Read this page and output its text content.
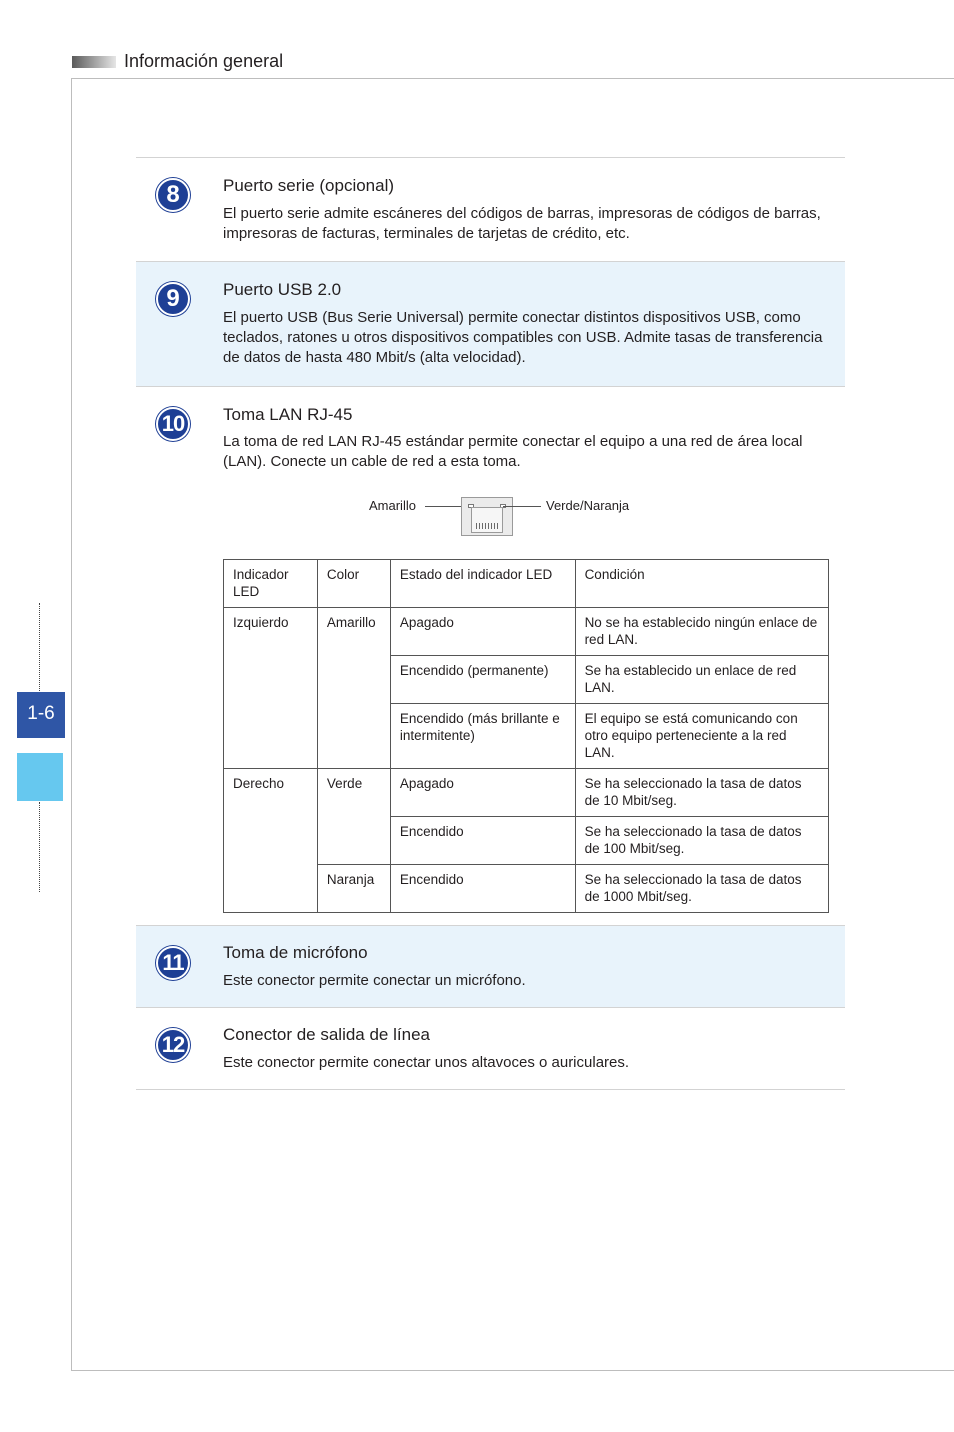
Información general
1-6
8	Puerto serie (opcional)
El puerto serie admite escáneres del códigos de barras, impresoras de códigos de barras, impresoras de facturas, terminales de tarjetas de crédito, etc.
9	Puerto USB 2.0
El puerto USB (Bus Serie Universal) permite conectar distintos dispositivos USB, como teclados, ratones u otros dispositivos compatibles con USB. Admite tasas de transferencia de datos de hasta 480 Mbit/s (alta velocidad).
10	Toma LAN RJ-45
La toma de red LAN RJ-45 estándar permite conectar el equipo a una red de área local (LAN). Conecte un cable de red a esta toma.
Amarillo	Verde/Naranja
Indicador LED	Color	Estado del indicador LED	Condición
Izquierdo	Amarillo	Apagado	No se ha establecido ningún enlace de red LAN.
		Encendido (permanente)	Se ha establecido un enlace de red LAN.
		Encendido (más brillante e intermitente)	El equipo se está comunicando con otro equipo perteneciente a la red LAN.
Derecho	Verde	Apagado	Se ha seleccionado la tasa de datos de 10 Mbit/seg.
		Encendido	Se ha seleccionado la tasa de datos de 100 Mbit/seg.
	Naranja	Encendido	Se ha seleccionado la tasa de datos de 1000 Mbit/seg.
11	Toma de micrófono
Este conector permite conectar un micrófono.
12	Conector de salida de línea
Este conector permite conectar unos altavoces o auriculares.
